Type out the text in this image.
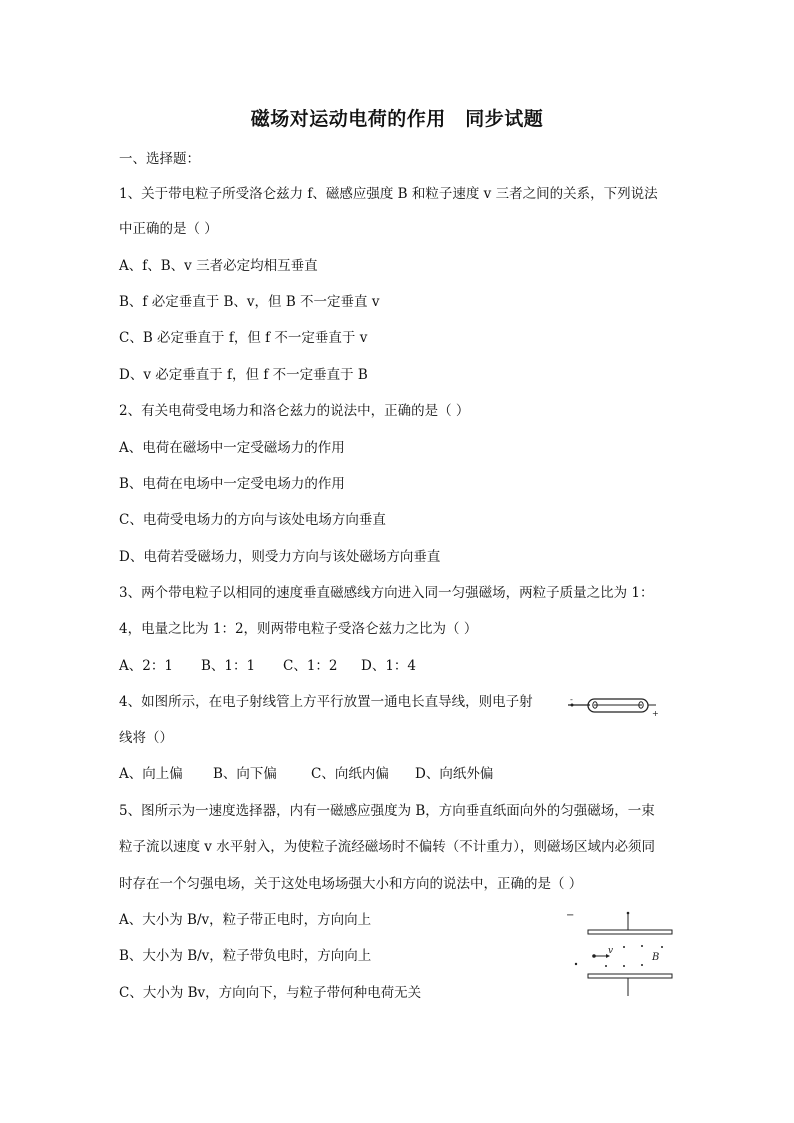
磁场对运动电荷的作用　同步试题
一、选择题：
1、关于带电粒子所受洛仑兹力 f、磁感应强度 B 和粒子速度 v 三者之间的关系，下列说法
中正确的是（ ）
A、f、B、v 三者必定均相互垂直
B、f 必定垂直于 B、v，但 B 不一定垂直 v
C、B 必定垂直于 f，但 f 不一定垂直于 v
D、v 必定垂直于 f，但 f 不一定垂直于 B
2、有关电荷受电场力和洛仑兹力的说法中，正确的是（ ）
A、电荷在磁场中一定受磁场力的作用
B、电荷在电场中一定受电场力的作用
C、电荷受电场力的方向与该处电场方向垂直
D、电荷若受磁场力，则受力方向与该处磁场方向垂直
3、两个带电粒子以相同的速度垂直磁感线方向进入同一匀强磁场，两粒子质量之比为 1：
4，电量之比为 1：2，则两带电粒子受洛仑兹力之比为（ ）
A、2：1 B、1：1 C、1：2 D、1：4
4、如图所示，在电子射线管上方平行放置一通电长直导线，则电子射
线将（）
A、向上偏 B、向下偏	C、向纸内偏 D、向纸外偏
-
+
5、图所示为一速度选择器，内有一磁感应强度为 B，方向垂直纸面向外的匀强磁场，一束
粒子流以速度 v 水平射入，为使粒子流经磁场时不偏转（不计重力），则磁场区域内必须同
时存在一个匀强电场，关于这处电场场强大小和方向的说法中，正确的是（ ）
A、大小为 B/v，粒子带正电时，方向向上
B、大小为 B/v，粒子带负电时，方向向上
C、大小为 Bv，方向向下，与粒子带何种电荷无关
−
v
B
